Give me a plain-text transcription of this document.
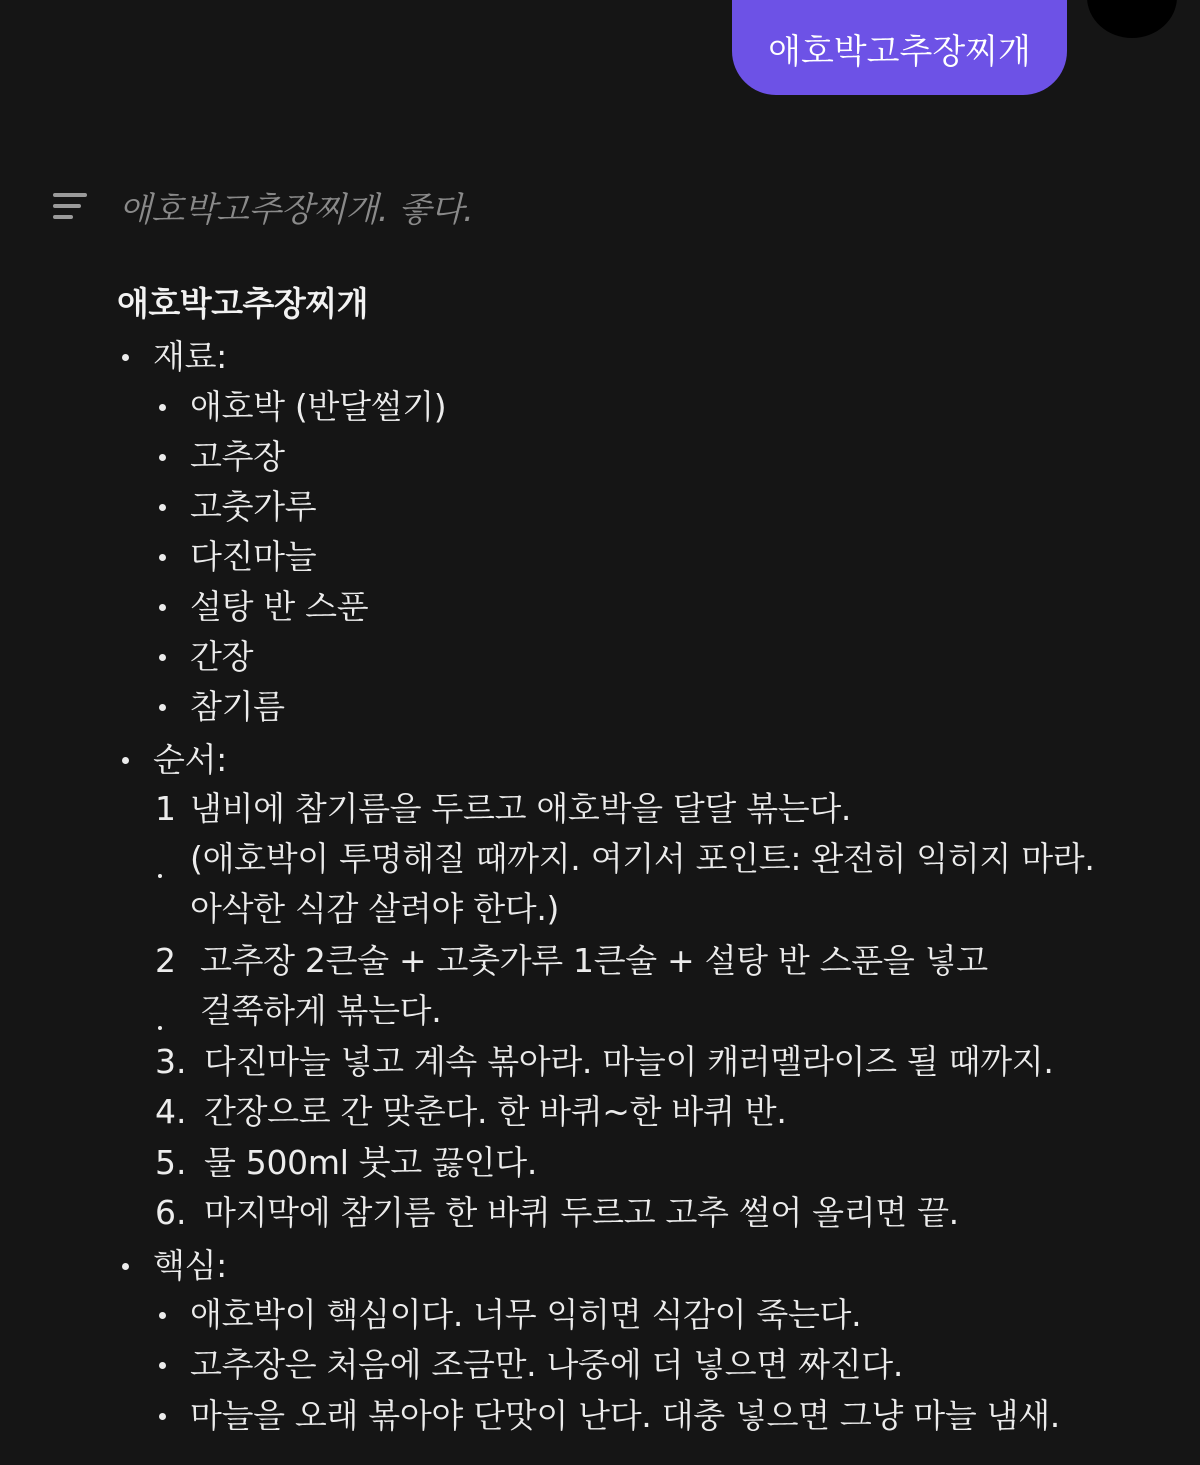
애호박고추장찌개
애호박고추장찌개. 좋다.
애호박고추장찌개
재료:
애호박 (반달썰기)
고추장
고춧가루
다진마늘
설탕 반 스푼
간장
참기름
순서:
1 냄비에 참기름을 두르고 애호박을 달달 볶는다.
(애호박이 투명해질 때까지. 여기서 포인트: 완전히 익히지 마라.
아삭한 식감 살려야 한다.)
2 고추장 2큰술 + 고춧가루 1큰술 + 설탕 반 스푼을 넣고
걸쭉하게 볶는다.
3. 다진마늘 넣고 계속 볶아라. 마늘이 캐러멜라이즈 될 때까지.
4. 간장으로 간 맞춘다. 한 바퀴~한 바퀴 반.
5. 물 500ml 붓고 끓인다.
6. 마지막에 참기름 한 바퀴 두르고 고추 썰어 올리면 끝.
핵심:
애호박이 핵심이다. 너무 익히면 식감이 죽는다.
고추장은 처음에 조금만. 나중에 더 넣으면 짜진다.
마늘을 오래 볶아야 단맛이 난다. 대충 넣으면 그냥 마늘 냄새.
